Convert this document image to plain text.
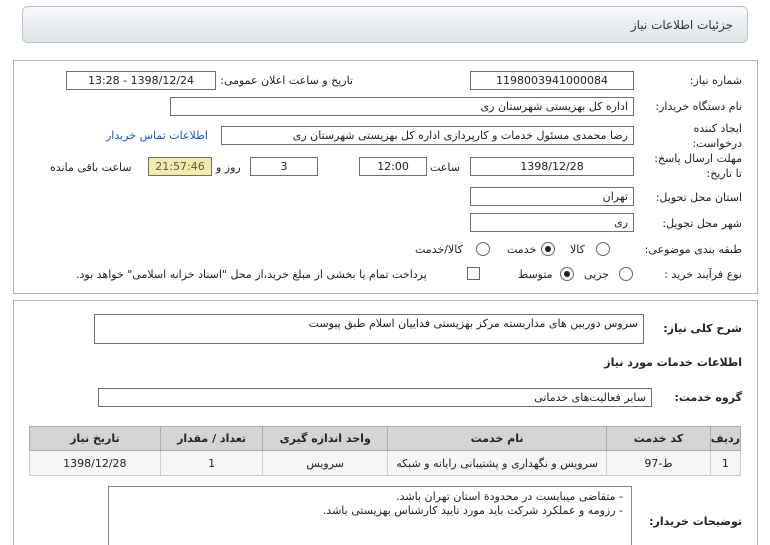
جزئیات اطلاعات نیاز
شماره نیاز:
1198003941000084
تاریخ و ساعت اعلان عمومی:
1398/12/24 - 13:28
نام دستگاه خریدار:
اداره کل بهزیستی شهرستان ری
ایجاد کننده
درخواست:
رضا محمدی مسئول خدمات و کارپردازی اداره کل بهزیستی شهرستان ری
اطلاعات تماس خریدار
مهلت ارسال پاسخ:
تا تاریخ:
1398/12/28
ساعت
12:00
3
روز و
21:57:46
ساعت باقی مانده
استان محل تحویل:
تهران
شهر محل تحویل:
ری
طبقه بندی موضوعی:
کالا
خدمت
کالا/خدمت
نوع فرآیند خرید :
جزیی
متوسط
پرداخت تمام یا بخشی از مبلغ خرید،از محل "اسناد خزانه اسلامی" خواهد بود.
شرح کلی نیاز:
سروس دوربین های مداربسته مرکز بهزیستی فداییان اسلام طبق پیوست
اطلاعات خدمات مورد نیاز
گروه خدمت:
سایر فعالیت‌های خدماتی
ردیف	کد خدمت	نام خدمت	واحد اندازه گیری	تعداد / مقدار	تاریخ نیاز
1	ط-97	سرویس و نگهداری و پشتیبانی رایانه و شبکه	سرویس	1	1398/12/28
توضیحات خریدار:
- متقاضی میبایست در محدودة استان تهران باشد.
- رزومه و عملکرد شرکت باید مورد تایید کارشناس بهزیستی باشد.
